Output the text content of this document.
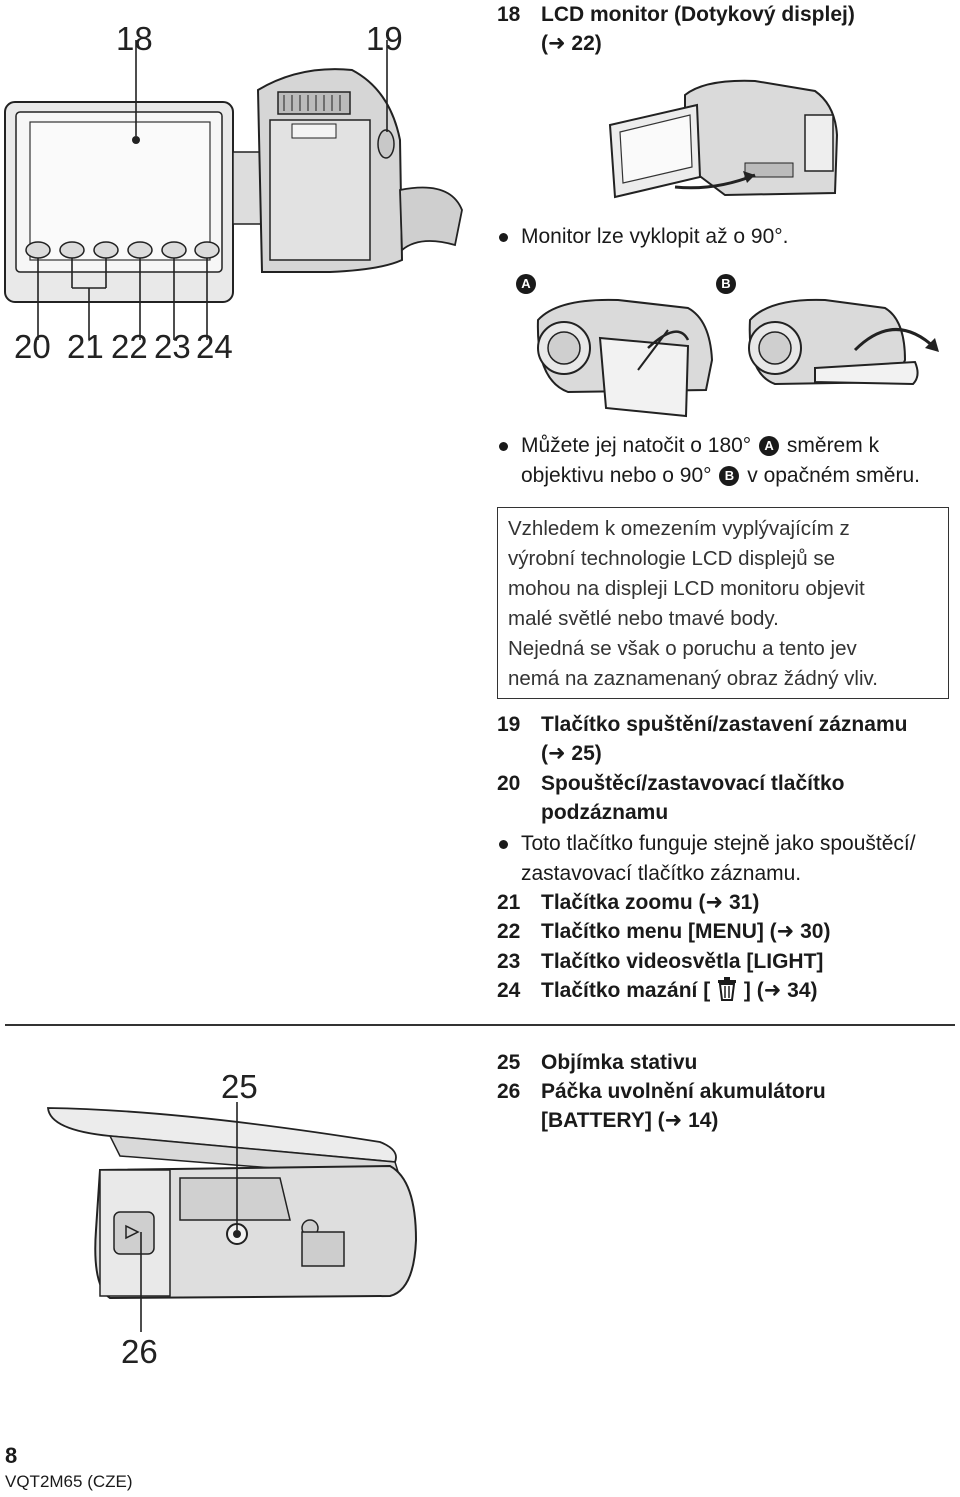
18	19
20 21 22 23 24
18 LCD monitor (Dotykový displej)
(➜ 22)
Monitor lze vyklopit až o 90°.
A	B
Můžete jej natočit o 180° A směrem k
objektivu nebo o 90° B v opačném směru.
Vzhledem k omezením vyplývajícím z
výrobní technologie LCD displejů se
mohou na displeji LCD monitoru objevit
malé světlé nebo tmavé body.
Nejedná se však o poruchu a tento jev
nemá na zaznamenaný obraz žádný vliv.
19 Tlačítko spuštění/zastavení záznamu
(➜ 25)
20 Spouštěcí/zastavovací tlačítko
podzáznamu
Toto tlačítko funguje stejně jako spouštěcí/
zastavovací tlačítko záznamu.
21 Tlačítka zoomu (➜ 31)
22 Tlačítko menu [MENU] (➜ 30)
23 Tlačítko videosvětla [LIGHT]
24 Tlačítko mazání [ ] (➜ 34)
25
26
25 Objímka stativu
26 Páčka uvolnění akumulátoru
[BATTERY] (➜ 14)
8
VQT2M65 (CZE)
